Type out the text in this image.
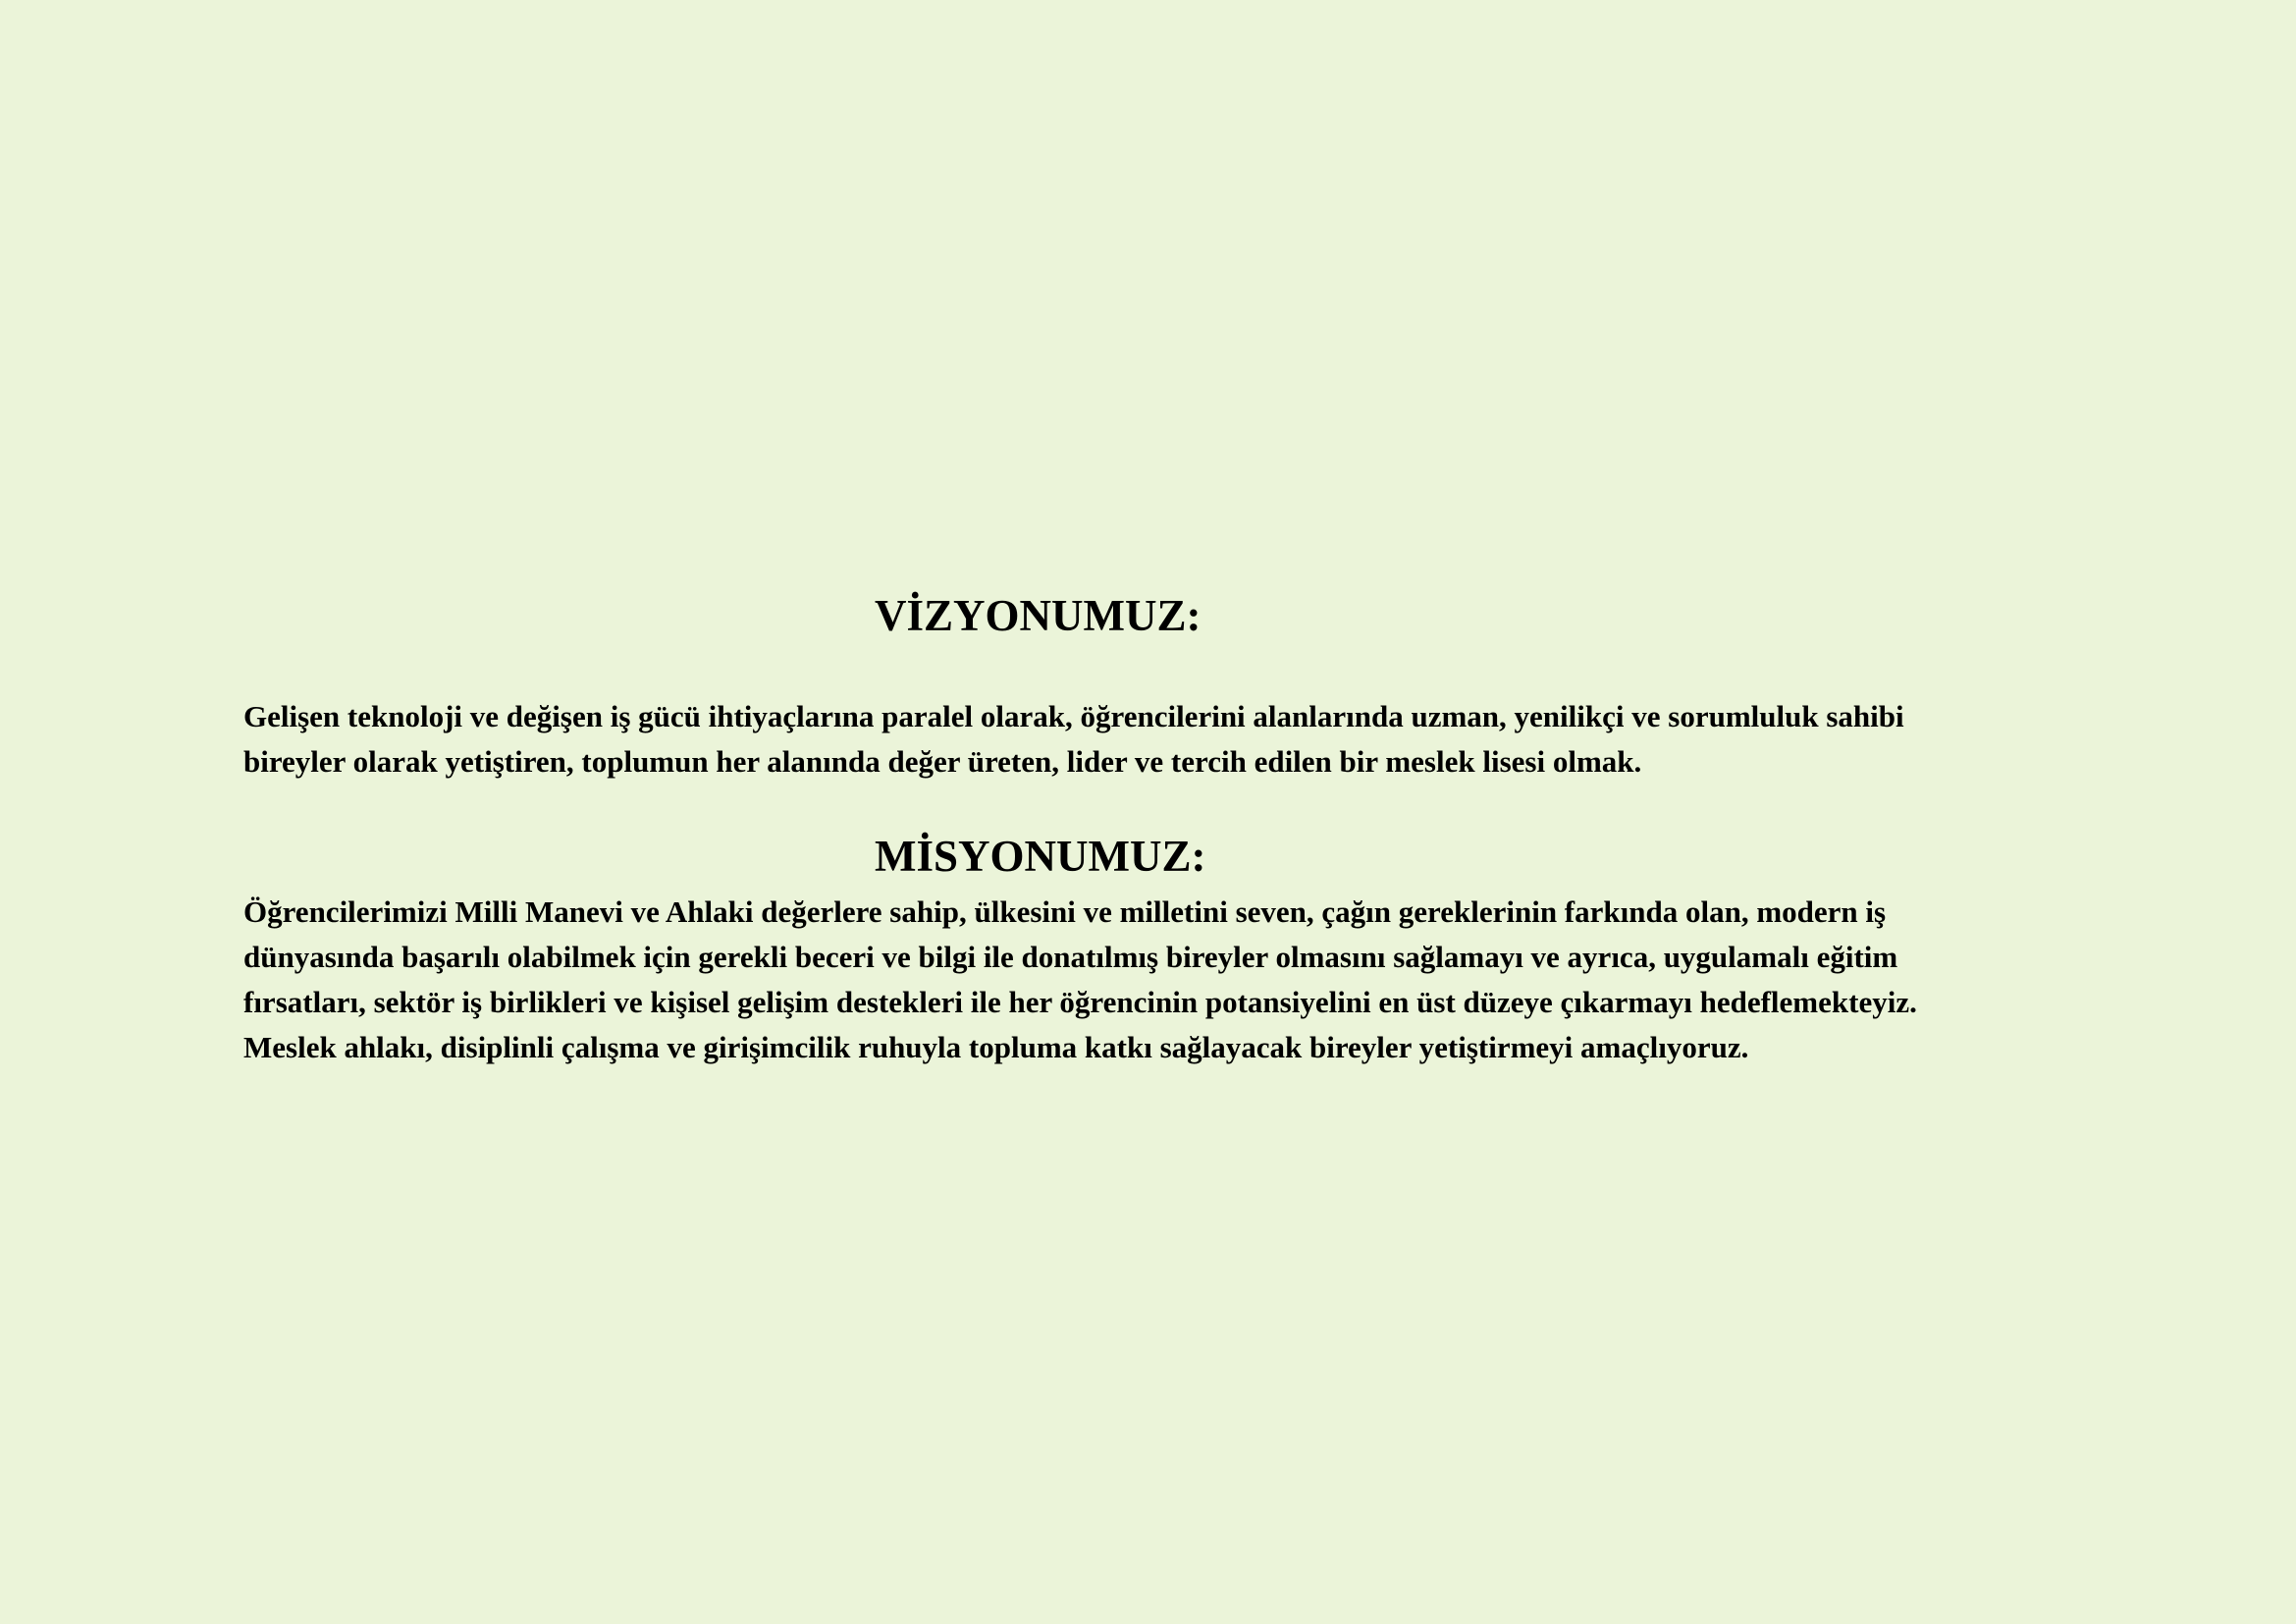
VİZYONUMUZ:

Gelişen teknoloji ve değişen iş gücü ihtiyaçlarına paralel olarak, öğrencilerini alanlarında uzman, yenilikçi ve sorumluluk sahibi
bireyler olarak yetiştiren, toplumun her alanında değer üreten, lider ve tercih edilen bir meslek lisesi olmak.

MİSYONUMUZ:

Öğrencilerimizi Milli Manevi ve Ahlaki değerlere sahip, ülkesini ve milletini seven, çağın gereklerinin farkında olan, modern iş
dünyasında başarılı olabilmek için gerekli beceri ve bilgi ile donatılmış bireyler olmasını sağlamayı ve ayrıca, uygulamalı eğitim
fırsatları, sektör iş birlikleri ve kişisel gelişim destekleri ile her öğrencinin potansiyelini en üst düzeye çıkarmayı hedeflemekteyiz.
Meslek ahlakı, disiplinli çalışma ve girişimcilik ruhuyla topluma katkı sağlayacak bireyler yetiştirmeyi amaçlıyoruz.
